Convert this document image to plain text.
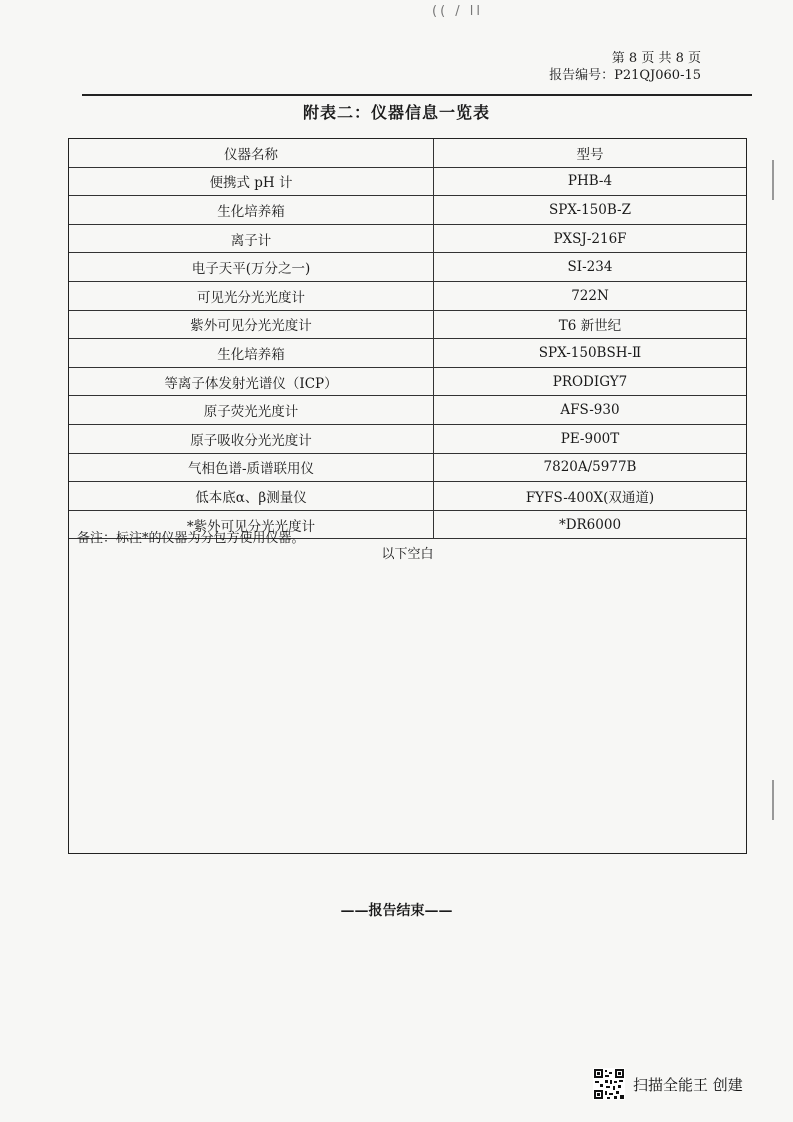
(( / ll
第 8 页 共 8 页
报告编号：P21QJ060-15
附表二：仪器信息一览表
仪器名称	型号
便携式 pH 计	PHB-4
生化培养箱	SPX-150B-Z
离子计	PXSJ-216F
电子天平(万分之一)	SI-234
可见光分光光度计	722N
紫外可见分光光度计	T6 新世纪
生化培养箱	SPX-150BSH-Ⅱ
等离子体发射光谱仪（ICP）	PRODIGY7
原子荧光光度计	AFS-930
原子吸收分光光度计	PE-900T
气相色谱-质谱联用仪	7820A/5977B
低本底α、β测量仪	FYFS-400X(双通道)
*紫外可见分光光度计	*DR6000
备注：标注*的仪器为分包方使用仪器。
以下空白
——报告结束——
扫描全能王 创建
